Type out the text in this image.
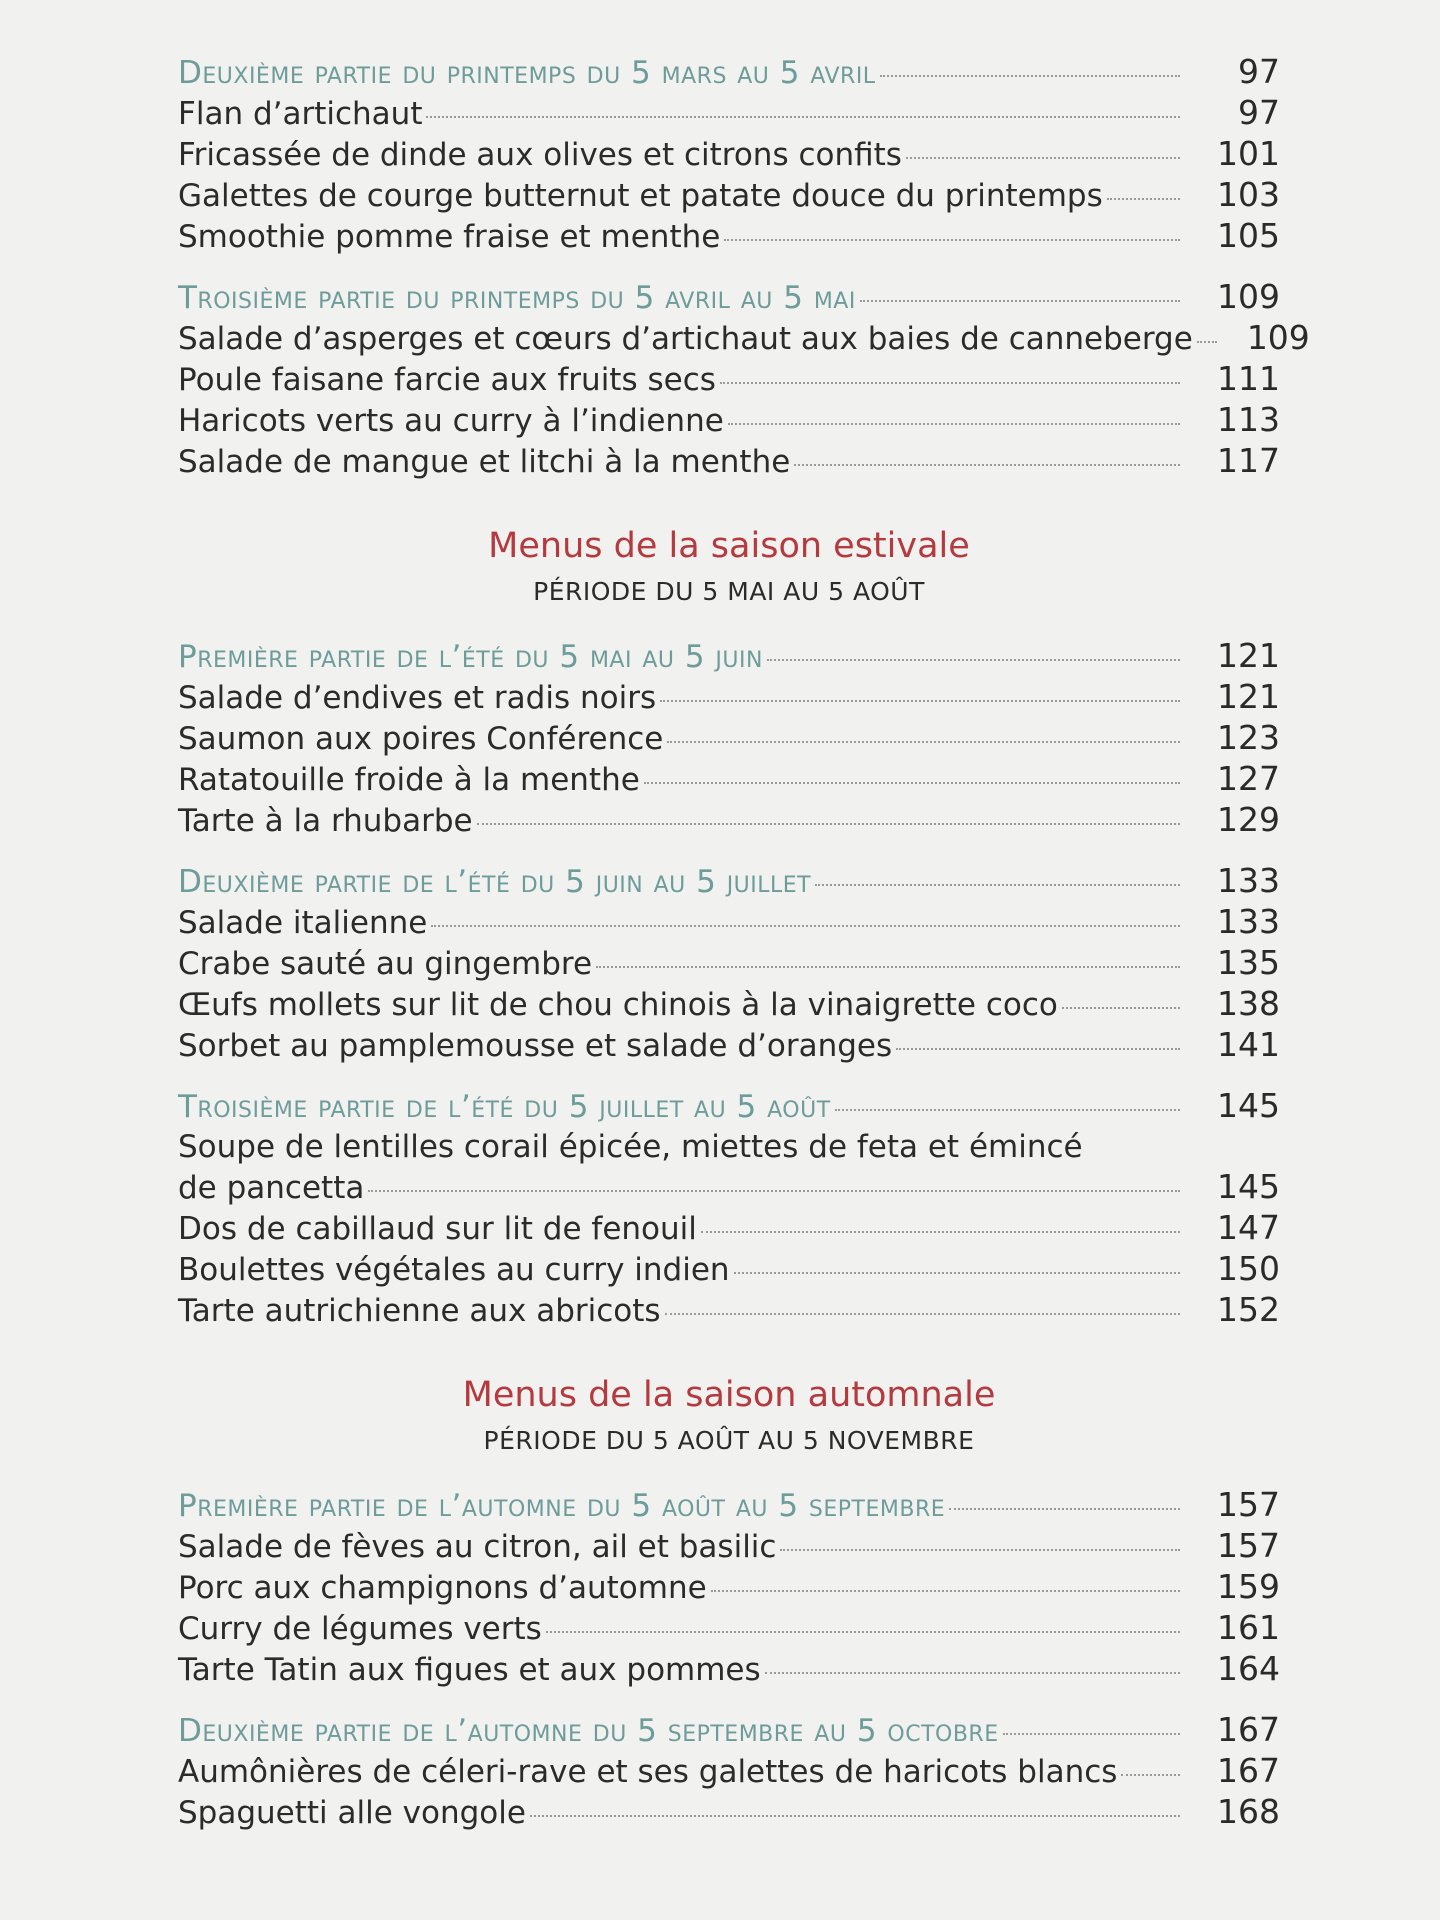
Deuxième partie du printemps du 5 mars au 5 avril	97
Flan d’artichaut	97
Fricassée de dinde aux olives et citrons confits	101
Galettes de courge butternut et patate douce du printemps	103
Smoothie pomme fraise et menthe	105
Troisième partie du printemps du 5 avril au 5 mai	109
Salade d’asperges et cœurs d’artichaut aux baies de canneberge 109
Poule faisane farcie aux fruits secs	111
Haricots verts au curry à l’indienne	113
Salade de mangue et litchi à la menthe	117
Menus de la saison estivale
PÉRIODE DU 5 MAI AU 5 AOÛT
Première partie de l’été du 5 mai au 5 juin	121
Salade d’endives et radis noirs	121
Saumon aux poires Conférence	123
Ratatouille froide à la menthe	127
Tarte à la rhubarbe	129
Deuxième partie de l’été du 5 juin au 5 juillet	133
Salade italienne	133
Crabe sauté au gingembre	135
Œufs mollets sur lit de chou chinois à la vinaigrette coco	138
Sorbet au pamplemousse et salade d’oranges	141
Troisième partie de l’été du 5 juillet au 5 août	145
Soupe de lentilles corail épicée, miettes de feta et émincé
de pancetta	145
Dos de cabillaud sur lit de fenouil	147
Boulettes végétales au curry indien	150
Tarte autrichienne aux abricots	152
Menus de la saison automnale
PÉRIODE DU 5 AOÛT AU 5 NOVEMBRE
Première partie de l’automne du 5 août au 5 septembre	157
Salade de fèves au citron, ail et basilic	157
Porc aux champignons d’automne	159
Curry de légumes verts	161
Tarte Tatin aux figues et aux pommes	164
Deuxième partie de l’automne du 5 septembre au 5 octobre	167
Aumônières de céleri-rave et ses galettes de haricots blancs	167
Spaguetti alle vongole	168
